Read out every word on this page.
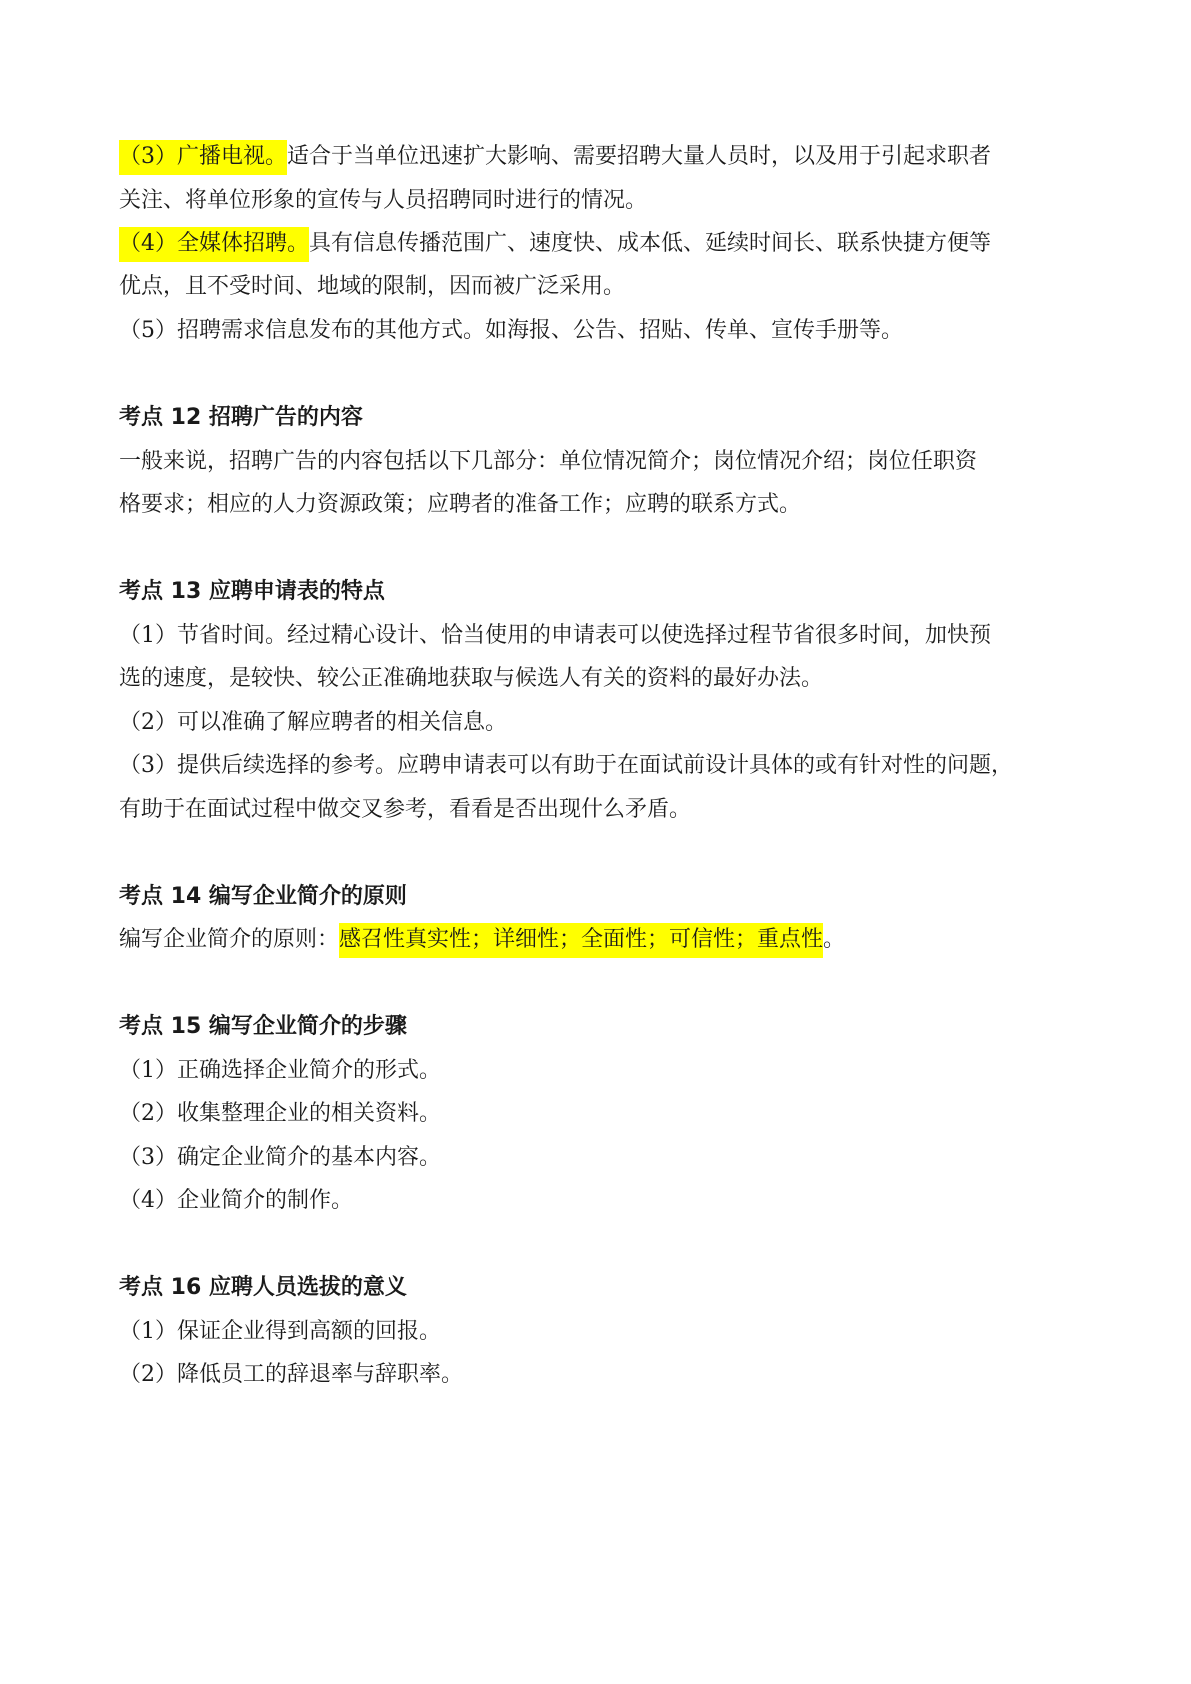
（3）广播电视。适合于当单位迅速扩大影响、需要招聘大量人员时，以及用于引起求职者
关注、将单位形象的宣传与人员招聘同时进行的情况。
（4）全媒体招聘。具有信息传播范围广、速度快、成本低、延续时间长、联系快捷方便等
优点，且不受时间、地域的限制，因而被广泛采用。
（5）招聘需求信息发布的其他方式。如海报、公告、招贴、传单、宣传手册等。
考点 12 招聘广告的内容
一般来说，招聘广告的内容包括以下几部分：单位情况简介；岗位情况介绍；岗位任职资
格要求；相应的人力资源政策；应聘者的准备工作；应聘的联系方式。
考点 13 应聘申请表的特点
（1）节省时间。经过精心设计、恰当使用的申请表可以使选择过程节省很多时间，加快预
选的速度，是较快、较公正准确地获取与候选人有关的资料的最好办法。
（2）可以准确了解应聘者的相关信息。
（3）提供后续选择的参考。应聘申请表可以有助于在面试前设计具体的或有针对性的问题，
有助于在面试过程中做交叉参考，看看是否出现什么矛盾。
考点 14 编写企业简介的原则
编写企业简介的原则：感召性真实性；详细性；全面性；可信性；重点性。
考点 15 编写企业简介的步骤
（1）正确选择企业简介的形式。
（2）收集整理企业的相关资料。
（3）确定企业简介的基本内容。
（4）企业简介的制作。
考点 16 应聘人员选拔的意义
（1）保证企业得到高额的回报。
（2）降低员工的辞退率与辞职率。
